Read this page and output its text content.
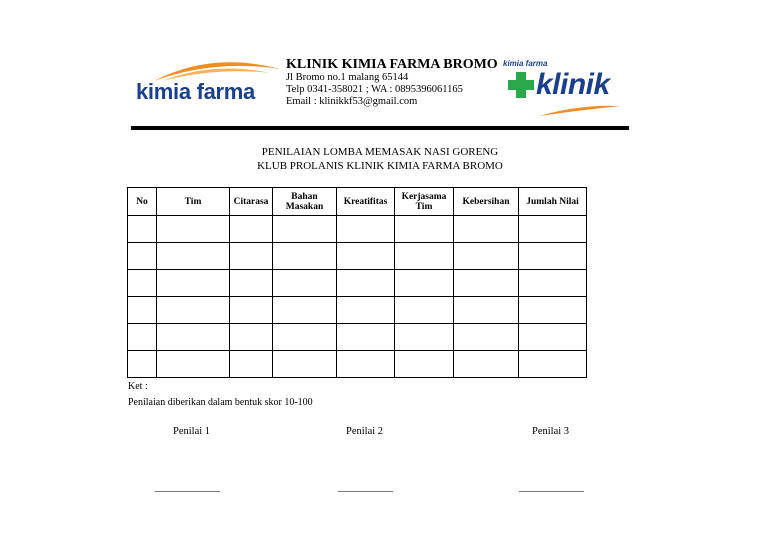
kimia farma
KLINIK KIMIA FARMA BROMO
Jl Bromo no.1 malang 65144
Telp 0341-358021 ; WA : 0895396061165
Email : klinikkf53@gmail.com
kimia farma
klinik
PENILAIAN LOMBA MEMASAK NASI GORENG
KLUB PROLANIS KLINIK KIMIA FARMA BROMO
No	Tim	Citarasa	Bahan Masakan	Kreatifitas	Kerjasama Tim	Kebersihan	Jumlah Nilai

Ket :
Penilaian diberikan dalam bentuk skor 10-100
Penilai 1	Penilai 2	Penilai 3
_____________	___________	_____________
